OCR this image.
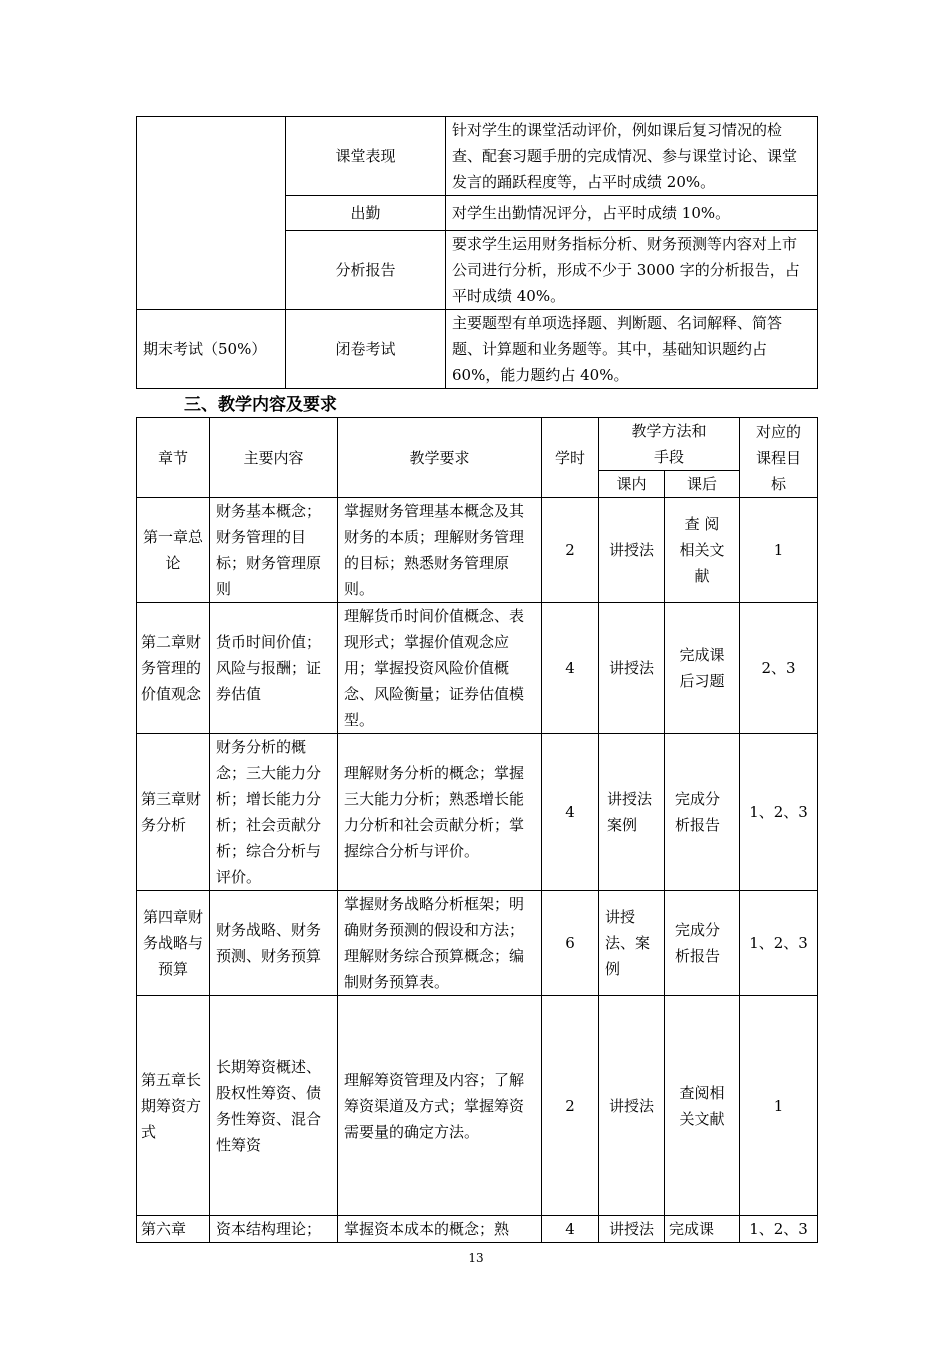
	课堂表现	针对学生的课堂活动评价，例如课后复习情况的检查、配套习题手册的完成情况、参与课堂讨论、课堂发言的踊跃程度等，占平时成绩 20%。
	出勤	对学生出勤情况评分，占平时成绩 10%。
	分析报告	要求学生运用财务指标分析、财务预测等内容对上市公司进行分析，形成不少于 3000 字的分析报告，占平时成绩 40%。
期末考试（50%）	闭卷考试	主要题型有单项选择题、判断题、名词解释、简答题、计算题和业务题等。其中，基础知识题约占 60%，能力题约占 40%。
三、教学内容及要求
章节	主要内容	教学要求	学时	教学方法和手段		对应的课程目标
				课内	课后	
第一章总论	财务基本概念；财务管理的目标；财务管理原则	掌握财务管理基本概念及其财务的本质；理解财务管理的目标；熟悉财务管理原则。	2	讲授法	查 阅 相关文献	1
第二章财务管理的价值观念	货币时间价值；风险与报酬；证券估值	理解货币时间价值概念、表现形式；掌握价值观念应用；掌握投资风险价值概念、风险衡量；证券估值模型。	4	讲授法	完成课后习题	2、3
第三章财务分析	财务分析的概念；三大能力分析；增长能力分析；社会贡献分析；综合分析与评价。	理解财务分析的概念；掌握三大能力分析；熟悉增长能力分析和社会贡献分析；掌握综合分析与评价。	4	讲授法案例	完成分析报告	1、2、3
第四章财务战略与预算	财务战略、财务预测、财务预算	掌握财务战略分析框架；明确财务预测的假设和方法；理解财务综合预算概念；编制财务预算表。	6	讲授法、案例	完成分析报告	1、2、3
第五章长期筹资方式	长期筹资概述、股权性筹资、债务性筹资、混合性筹资	理解筹资管理及内容；了解筹资渠道及方式；掌握筹资需要量的确定方法。	2	讲授法	查阅相关文献	1
第六章	资本结构理论；	掌握资本成本的概念；熟	4	讲授法	完成课	1、2、3
13
